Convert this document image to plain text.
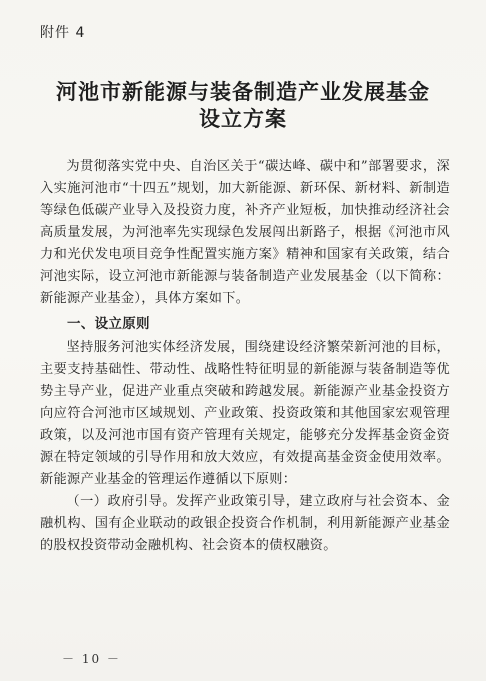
附件 4
河池市新能源与装备制造产业发展基金
设立方案

为贯彻落实党中央、自治区关于“碳达峰、碳中和”部署要求，深入实施河池市“十四五”规划，加大新能源、新环保、新材料、新制造等绿色低碳产业导入及投资力度，补齐产业短板，加快推动经济社会高质量发展，为河池率先实现绿色发展闯出新路子，根据《河池市风力和光伏发电项目竞争性配置实施方案》精神和国家有关政策，结合河池实际，设立河池市新能源与装备制造产业发展基金（以下简称：新能源产业基金），具体方案如下。

一、设立原则

坚持服务河池实体经济发展，围绕建设经济繁荣新河池的目标，主要支持基础性、带动性、战略性特征明显的新能源与装备制造等优势主导产业，促进产业重点突破和跨越发展。新能源产业基金投资方向应符合河池市区域规划、产业政策、投资政策和其他国家宏观管理政策，以及河池市国有资产管理有关规定，能够充分发挥基金资金资源在特定领域的引导作用和放大效应，有效提高基金资金使用效率。新能源产业基金的管理运作遵循以下原则：

（一）政府引导。发挥产业政策引导，建立政府与社会资本、金融机构、国有企业联动的政银企投资合作机制，利用新能源产业基金的股权投资带动金融机构、社会资本的债权融资。

－ 10 －
